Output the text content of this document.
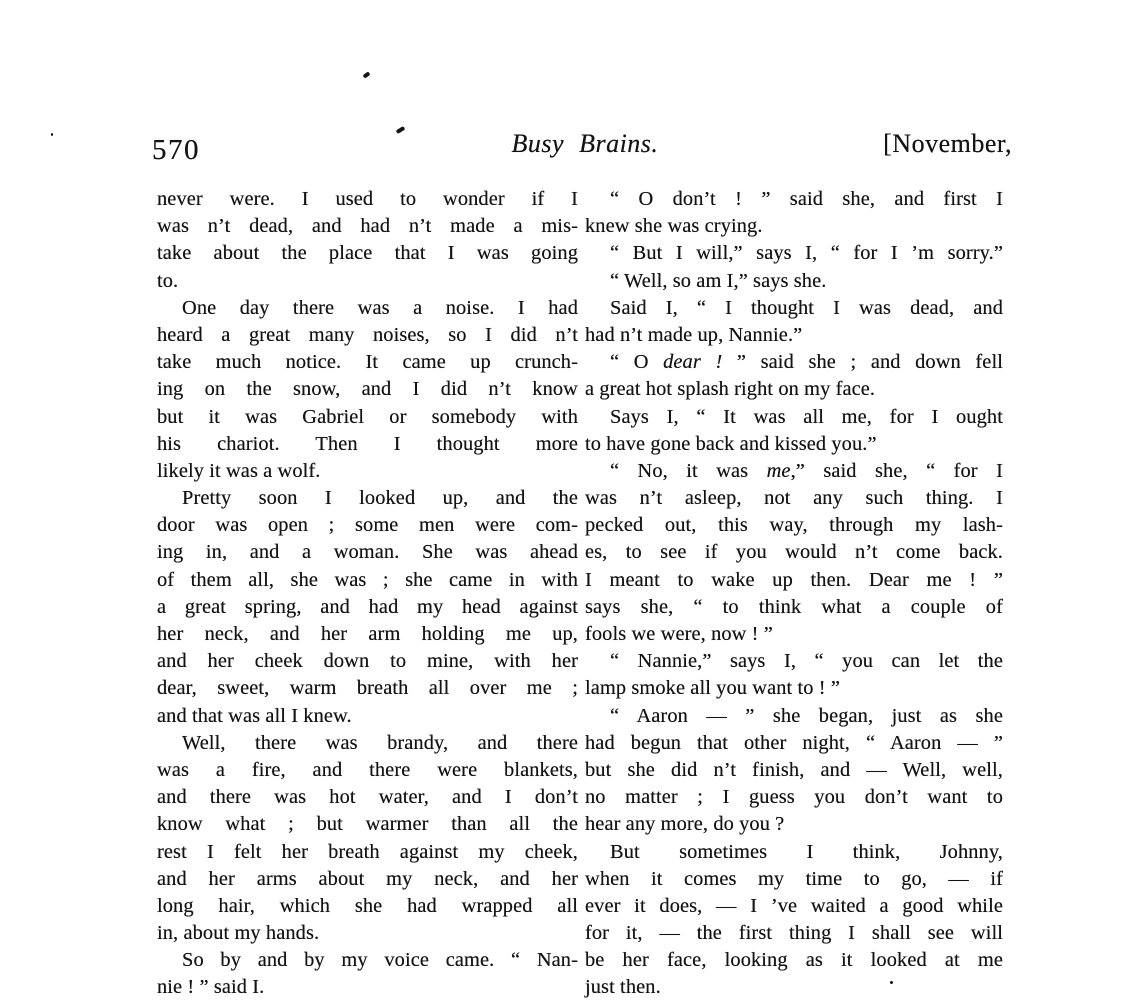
570	Busy Brains.	[November,
never were. I used to wonder if I
was n’t dead, and had n’t made a mis-
take about the place that I was going
to.
One day there was a noise. I had
heard a great many noises, so I did n’t
take much notice. It came up crunch-
ing on the snow, and I did n’t know
but it was Gabriel or somebody with
his chariot. Then I thought more
likely it was a wolf.
Pretty soon I looked up, and the
door was open ; some men were com-
ing in, and a woman. She was ahead
of them all, she was ; she came in with
a great spring, and had my head against
her neck, and her arm holding me up,
and her cheek down to mine, with her
dear, sweet, warm breath all over me ;
and that was all I knew.
Well, there was brandy, and there
was a fire, and there were blankets,
and there was hot water, and I don’t
know what ; but warmer than all the
rest I felt her breath against my cheek,
and her arms about my neck, and her
long hair, which she had wrapped all
in, about my hands.
So by and by my voice came. “ Nan-
nie ! ” said I.
“ O don’t ! ” said she, and first I
knew she was crying.
“ But I will,” says I, “ for I ’m sorry.”
“ Well, so am I,” says she.
Said I, “ I thought I was dead, and
had n’t made up, Nannie.”
“ O dear ! ” said she ; and down fell
a great hot splash right on my face.
Says I, “ It was all me, for I ought
to have gone back and kissed you.”
“ No, it was me,” said she, “ for I
was n’t asleep, not any such thing. I
pecked out, this way, through my lash-
es, to see if you would n’t come back.
I meant to wake up then. Dear me ! ”
says she, “ to think what a couple of
fools we were, now ! ”
“ Nannie,” says I, “ you can let the
lamp smoke all you want to ! ”
“ Aaron — ” she began, just as she
had begun that other night, “ Aaron — ”
but she did n’t finish, and — Well, well,
no matter ; I guess you don’t want to
hear any more, do you ?
But sometimes I think, Johnny,
when it comes my time to go, — if
ever it does, — I ’ve waited a good while
for it, — the first thing I shall see will
be her face, looking as it looked at me
just then.
